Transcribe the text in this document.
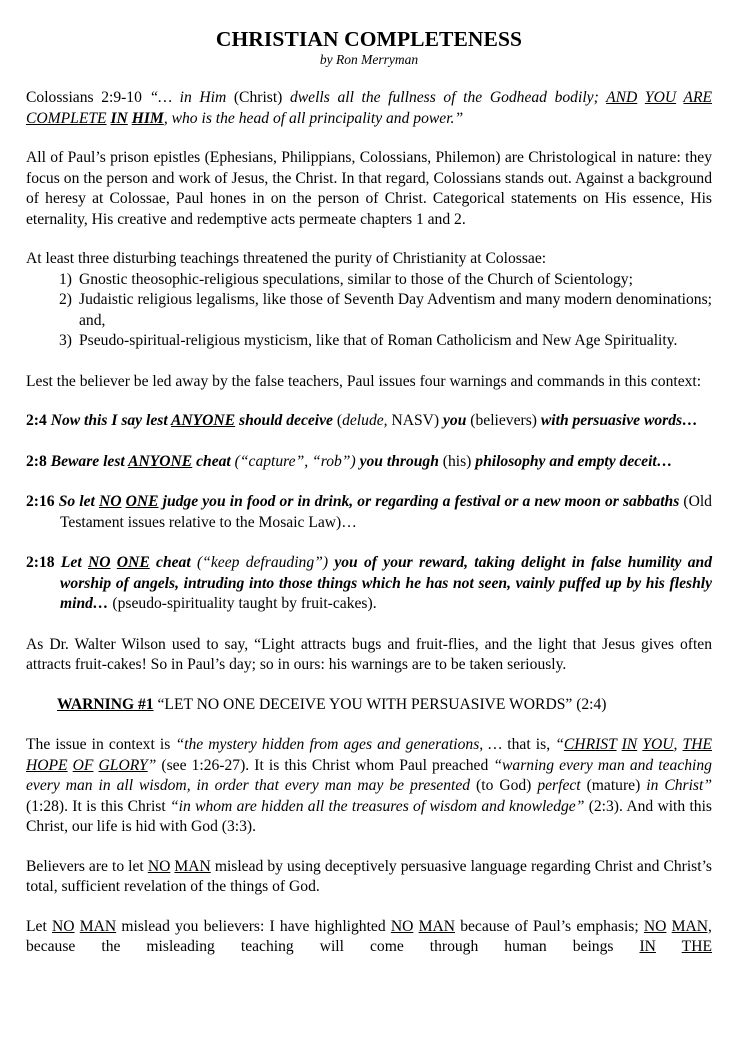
CHRISTIAN COMPLETENESS
by Ron Merryman

Colossians 2:9-10 “… in Him (Christ) dwells all the fullness of the Godhead bodily; AND YOU ARE COMPLETE IN HIM, who is the head of all principality and power.”

All of Paul’s prison epistles (Ephesians, Philippians, Colossians, Philemon) are Christological in nature: they focus on the person and work of Jesus, the Christ. In that regard, Colossians stands out. Against a background of heresy at Colossae, Paul hones in on the person of Christ. Categorical statements on His essence, His eternality, His creative and redemptive acts permeate chapters 1 and 2.

At least three disturbing teachings threatened the purity of Christianity at Colossae:
1) Gnostic theosophic-religious speculations, similar to those of the Church of Scientology;
2) Judaistic religious legalisms, like those of Seventh Day Adventism and many modern denominations; and,
3) Pseudo-spiritual-religious mysticism, like that of Roman Catholicism and New Age Spirituality.

Lest the believer be led away by the false teachers, Paul issues four warnings and commands in this context:

2:4 Now this I say lest ANYONE should deceive (delude, NASV) you (believers) with persuasive words…
2:8 Beware lest ANYONE cheat (“capture”, “rob”) you through (his) philosophy and empty deceit…
2:16 So let NO ONE judge you in food or in drink, or regarding a festival or a new moon or sabbaths (Old Testament issues relative to the Mosaic Law)…
2:18 Let NO ONE cheat (“keep defrauding”) you of your reward, taking delight in false humility and worship of angels, intruding into those things which he has not seen, vainly puffed up by his fleshly mind… (pseudo-spirituality taught by fruit-cakes).

As Dr. Walter Wilson used to say, “Light attracts bugs and fruit-flies, and the light that Jesus gives often attracts fruit-cakes! So in Paul’s day; so in ours: his warnings are to be taken seriously.

WARNING #1 “LET NO ONE DECEIVE YOU WITH PERSUASIVE WORDS” (2:4)

The issue in context is “the mystery hidden from ages and generations, … that is, “CHRIST IN YOU, THE HOPE OF GLORY” (see 1:26-27). It is this Christ whom Paul preached “warning every man and teaching every man in all wisdom, in order that every man may be presented (to God) perfect (mature) in Christ” (1:28). It is this Christ “in whom are hidden all the treasures of wisdom and knowledge” (2:3). And with this Christ, our life is hid with God (3:3).

Believers are to let NO MAN mislead by using deceptively persuasive language regarding Christ and Christ’s total, sufficient revelation of the things of God.

Let NO MAN mislead you believers: I have highlighted NO MAN because of Paul’s emphasis; NO MAN, because the misleading teaching will come through human beings IN THE
